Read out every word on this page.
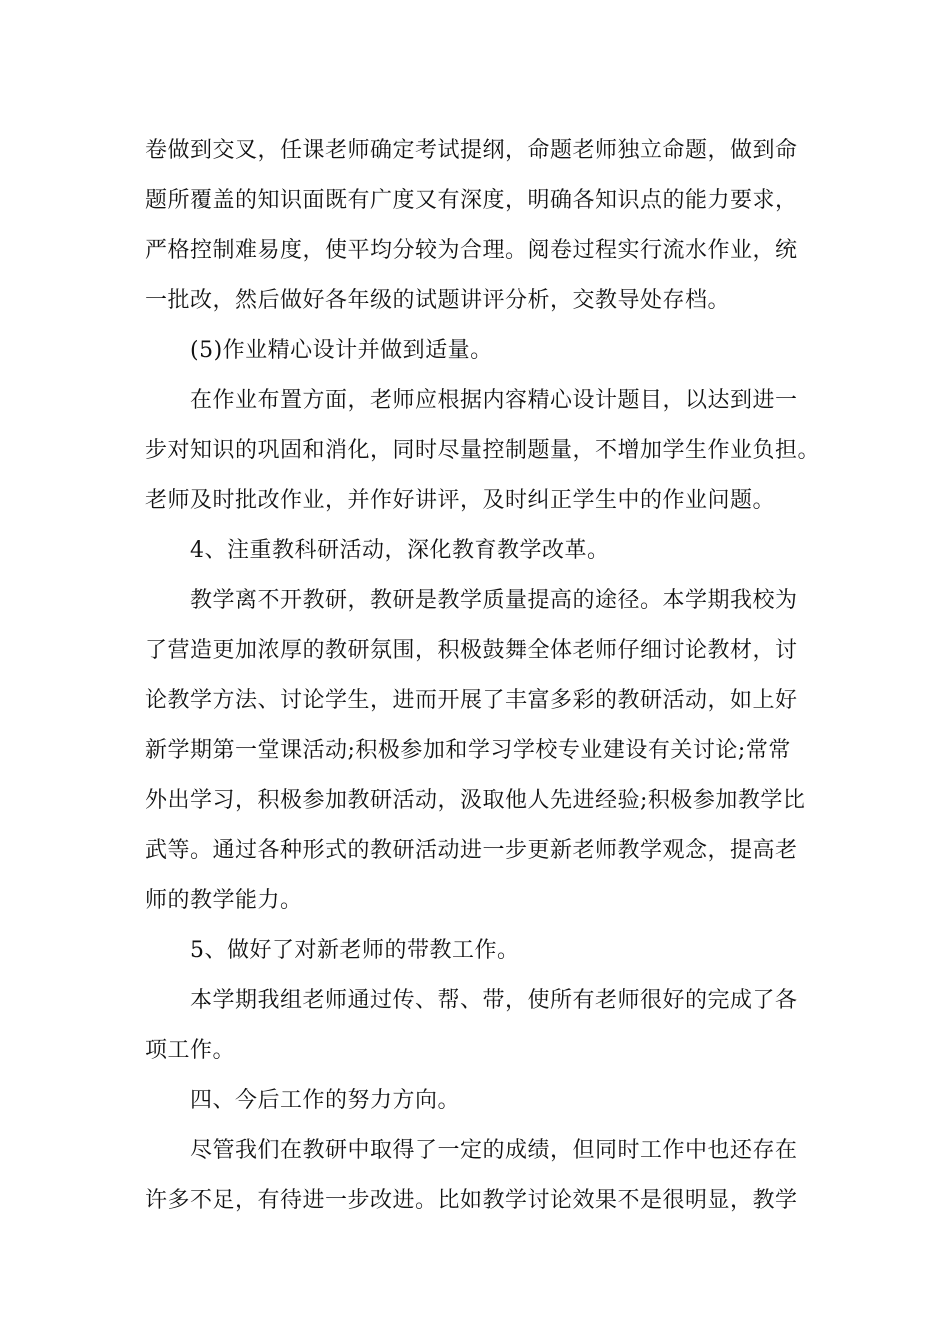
卷做到交叉，任课老师确定考试提纲，命题老师独立命题，做到命
题所覆盖的知识面既有广度又有深度，明确各知识点的能力要求，
严格控制难易度，使平均分较为合理。阅卷过程实行流水作业，统
一批改，然后做好各年级的试题讲评分析，交教导处存档。
(5)作业精心设计并做到适量。
在作业布置方面，老师应根据内容精心设计题目，以达到进一
步对知识的巩固和消化，同时尽量控制题量，不增加学生作业负担。
老师及时批改作业，并作好讲评，及时纠正学生中的作业问题。
4、注重教科研活动，深化教育教学改革。
教学离不开教研，教研是教学质量提高的途径。本学期我校为
了营造更加浓厚的教研氛围，积极鼓舞全体老师仔细讨论教材，讨
论教学方法、讨论学生，进而开展了丰富多彩的教研活动，如上好
新学期第一堂课活动;积极参加和学习学校专业建设有关讨论;常常
外出学习，积极参加教研活动，汲取他人先进经验;积极参加教学比
武等。通过各种形式的教研活动进一步更新老师教学观念，提高老
师的教学能力。
5、做好了对新老师的带教工作。
本学期我组老师通过传、帮、带，使所有老师很好的完成了各
项工作。
四、今后工作的努力方向。
尽管我们在教研中取得了一定的成绩，但同时工作中也还存在
许多不足，有待进一步改进。比如教学讨论效果不是很明显，教学
